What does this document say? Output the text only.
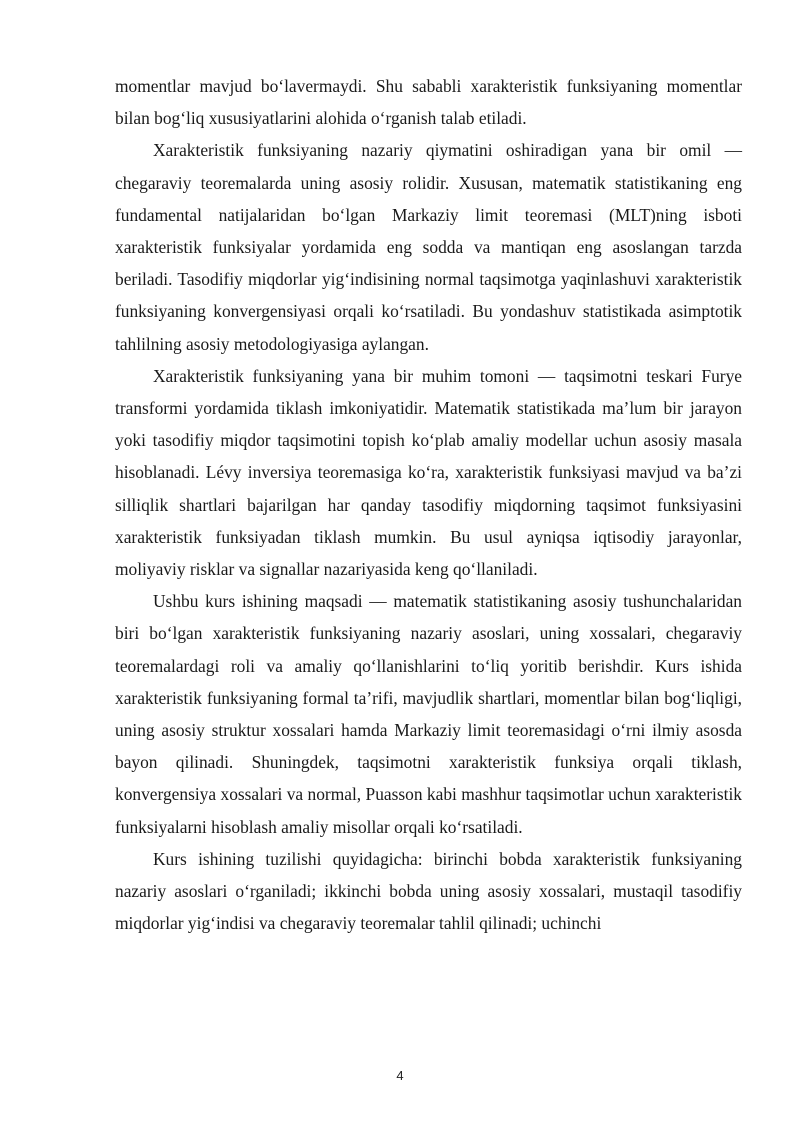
momentlar mavjud bo‘lavermaydi. Shu sababli xarakteristik funksiyaning momentlar bilan bog‘liq xususiyatlarini alohida o‘rganish talab etiladi.

Xarakteristik funksiyaning nazariy qiymatini oshiradigan yana bir omil — chegaraviy teoremalarda uning asosiy rolidir. Xususan, matematik statistikaning eng fundamental natijalaridan bo‘lgan Markaziy limit teoremasi (MLT)ning isboti xarakteristik funksiyalar yordamida eng sodda va mantiqan eng asoslangan tarzda beriladi. Tasodifiy miqdorlar yig‘indisining normal taqsimotga yaqinlashuvi xarakteristik funksiyaning konvergensiyasi orqali ko‘rsatiladi. Bu yondashuv statistikada asimptotik tahlilning asosiy metodologiyasiga aylangan.

Xarakteristik funksiyaning yana bir muhim tomoni — taqsimotni teskari Furye transformi yordamida tiklash imkoniyatidir. Matematik statistikada ma’lum bir jarayon yoki tasodifiy miqdor taqsimotini topish ko‘plab amaliy modellar uchun asosiy masala hisoblanadi. Lévy inversiya teoremasiga ko‘ra, xarakteristik funksiyasi mavjud va ba’zi silliqlik shartlari bajarilgan har qanday tasodifiy miqdorning taqsimot funksiyasini xarakteristik funksiyadan tiklash mumkin. Bu usul ayniqsa iqtisodiy jarayonlar, moliyaviy risklar va signallar nazariyasida keng qo‘llaniladi.

Ushbu kurs ishining maqsadi — matematik statistikaning asosiy tushunchalaridan biri bo‘lgan xarakteristik funksiyaning nazariy asoslari, uning xossalari, chegaraviy teoremalardagi roli va amaliy qo‘llanishlarini to‘liq yoritib berishdir. Kurs ishida xarakteristik funksiyaning formal ta’rifi, mavjudlik shartlari, momentlar bilan bog‘liqligi, uning asosiy struktur xossalari hamda Markaziy limit teoremasidagi o‘rni ilmiy asosda bayon qilinadi. Shuningdek, taqsimotni xarakteristik funksiya orqali tiklash, konvergensiya xossalari va normal, Puasson kabi mashhur taqsimotlar uchun xarakteristik funksiyalarni hisoblash amaliy misollar orqali ko‘rsatiladi.

Kurs ishining tuzilishi quyidagicha: birinchi bobda xarakteristik funksiyaning nazariy asoslari o‘rganiladi; ikkinchi bobda uning asosiy xossalari, mustaqil tasodifiy miqdorlar yig‘indisi va chegaraviy teoremalar tahlil qilinadi; uchinchi

4
